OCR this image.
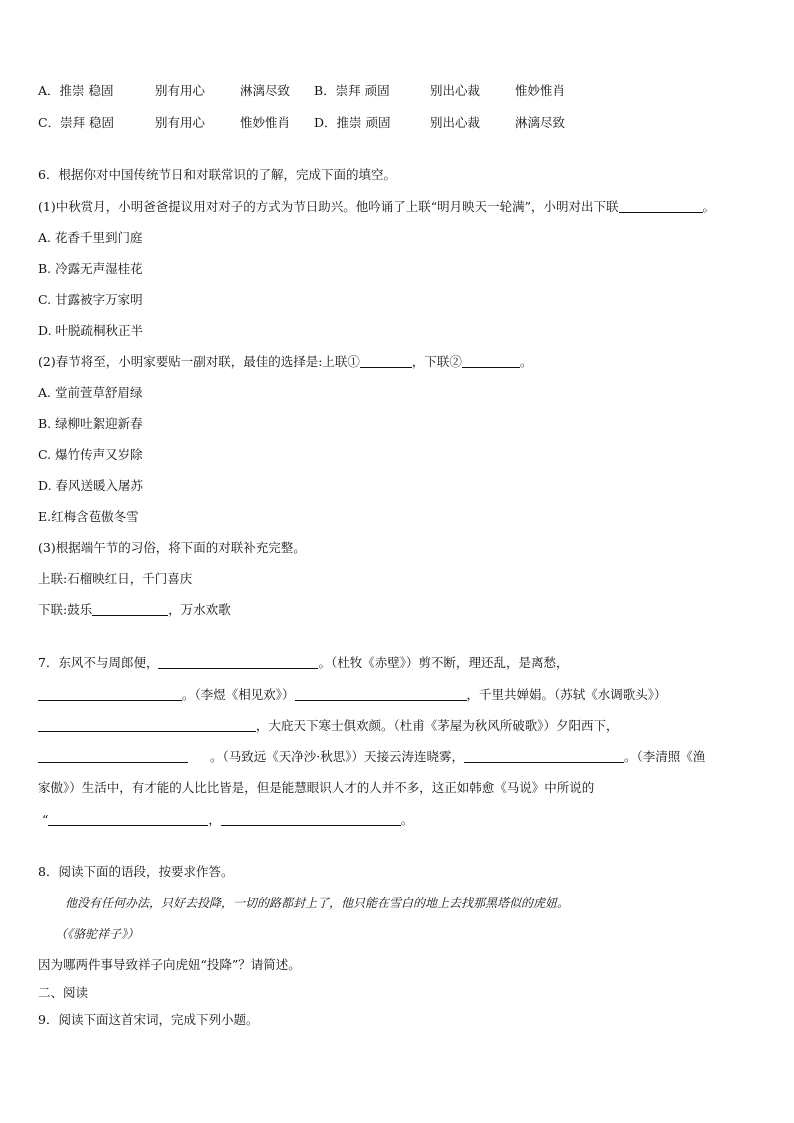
A．推崇 稳固	别有用心	淋漓尽致 B．崇拜 顽固	别出心裁	惟妙惟肖
C．崇拜 稳固	别有用心	惟妙惟肖 D．推崇 顽固	别出心裁	淋漓尽致
6．根据你对中国传统节日和对联常识的了解，完成下面的填空。
(1)中秋赏月，小明爸爸提议用对对子的方式为节日助兴。他吟诵了上联“明月映天一轮满”，小明对出下联	。
A. 花香千里到门庭
B. 冷露无声湿桂花
C. 甘露被字万家明
D. 叶脱疏桐秋正半
(2)春节将至，小明家要贴一副对联，最佳的选择是:上联①	，下联②	。
A. 堂前萱草舒眉绿
B. 绿柳吐絮迎新春
C. 爆竹传声又岁除
D. 春风送暖入屠苏
E.红梅含苞傲冬雪
(3)根据端午节的习俗，将下面的对联补充完整。
上联:石榴映红日，千门喜庆
下联:鼓乐	，万水欢歌
7．东风不与周郎便，	。（杜牧《赤壁》）剪不断，理还乱，是离愁，
。（李煜《相见欢》）	，千里共婵娟。（苏轼《水调歌头》）
，大庇天下寒士俱欢颜。（杜甫《茅屋为秋风所破歌》）夕阳西下，
。（马致远《天净沙·秋思》）天接云涛连晓雾，	。（李清照《渔
家傲》）生活中，有才能的人比比皆是，但是能慧眼识人才的人并不多，这正如韩愈《马说》中所说的
“	，	。
8．阅读下面的语段，按要求作答。
他没有任何办法，只好去投降，一切的路都封上了，他只能在雪白的地上去找那黑塔似的虎妞。
（《骆驼祥子》）
因为哪两件事导致祥子向虎妞“投降”？请简述。
二、阅读
9．阅读下面这首宋词，完成下列小题。
